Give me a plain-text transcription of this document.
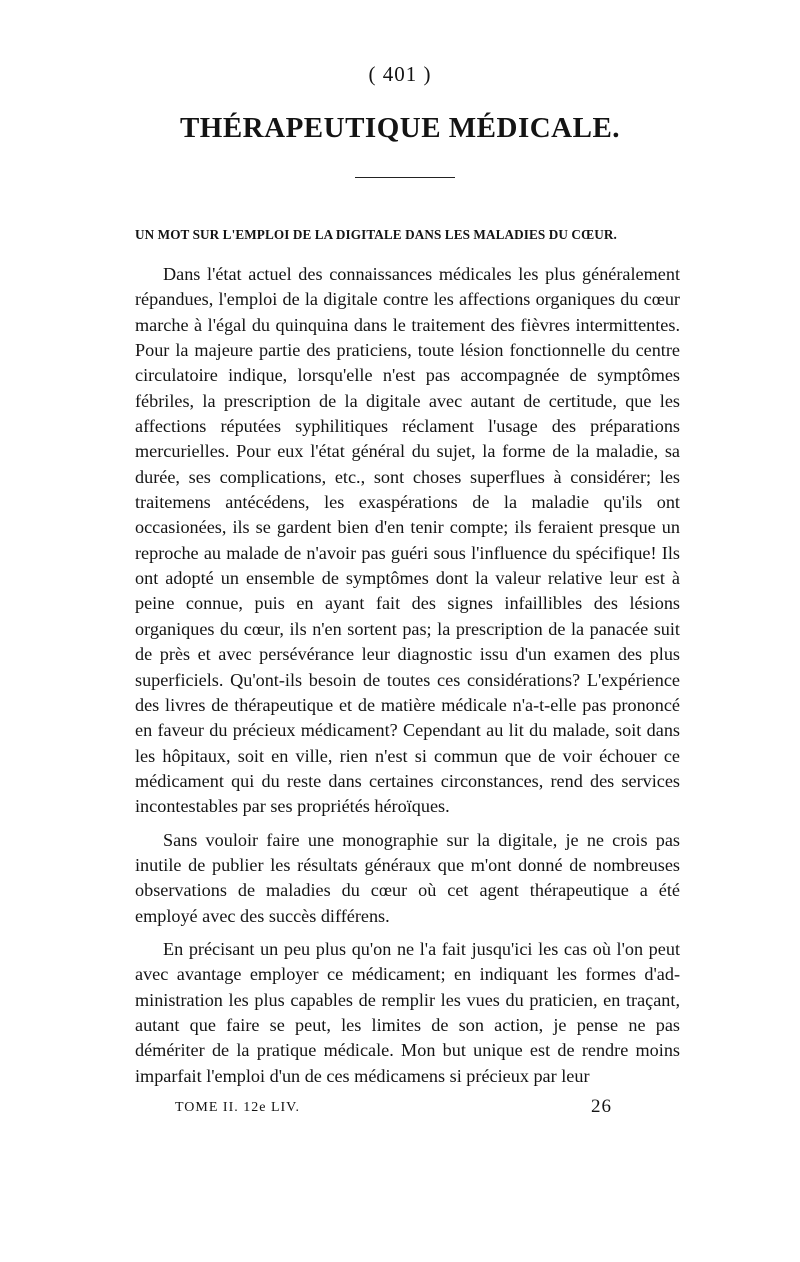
( 401 )
THÉRAPEUTIQUE MÉDICALE.
UN MOT SUR L'EMPLOI DE LA DIGITALE DANS LES MALADIES DU CŒUR.

Dans l'état actuel des connaissances médicales les plus généralement répandues, l'emploi de la digitale contre les affections organiques du cœur marche à l'égal du quinquina dans le traitement des fièvres intermittentes. Pour la majeure partie des praticiens, toute lésion fonctionnelle du centre circulatoire indique, lorsqu'elle n'est pas accompagnée de symptômes fébriles, la prescription de la digitale avec autant de certitude, que les affections réputées syphilitiques réclament l'usage des préparations mercurielles. Pour eux l'état général du sujet, la forme de la maladie, sa durée, ses complications, etc., sont choses superflues à considérer; les traitemens antécédens, les exaspérations de la maladie qu'ils ont occasionées, ils se gardent bien d'en tenir compte; ils feraient presque un reproche au malade de n'avoir pas guéri sous l'influence du spécifique! Ils ont adopté un ensemble de symptômes dont la valeur relative leur est à peine connue, puis en ayant fait des signes infaillibles des lésions organiques du cœur, ils n'en sortent pas; la prescription de la panacée suit de près et avec persévérance leur diagnostic issu d'un examen des plus superficiels. Qu'ont-ils besoin de toutes ces considérations? L'expérience des livres de thérapeutique et de matière médicale n'a-t-elle pas prononcé en faveur du précieux médicament? Cependant au lit du malade, soit dans les hôpitaux, soit en ville, rien n'est si commun que de voir échouer ce médicament qui du reste dans certaines circonstances, rend des services incontestables par ses propriétés héroïques.

Sans vouloir faire une monographie sur la digitale, je ne crois pas inutile de publier les résultats généraux que m'ont donné de nombreuses observations de maladies du cœur où cet agent thérapeutique a été employé avec des succès différens.

En précisant un peu plus qu'on ne l'a fait jusqu'ici les cas où l'on peut avec avantage employer ce médicament; en indiquant les formes d'administration les plus capables de remplir les vues du praticien, en traçant, autant que faire se peut, les limites de son action, je pense ne pas démériter de la pratique médicale. Mon but unique est de rendre moins imparfait l'emploi d'un de ces médicamens si précieux par leur

TOME II. 12e LIV.	26
